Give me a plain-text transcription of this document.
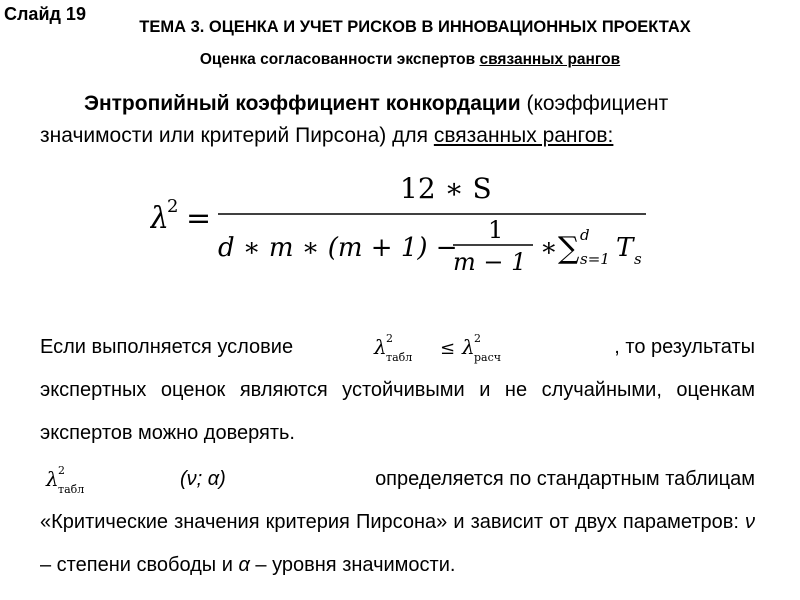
Слайд 19
ТЕМА 3. ОЦЕНКА И УЧЕТ РИСКОВ В ИННОВАЦИОННЫХ ПРОЕКТАХ
Оценка согласованности экспертов связанных рангов
Энтропийный коэффициент конкордации (коэффициент значимости или критерий Пирсона) для связанных рангов:
λ
2 =
12 ∗ S
d ∗ m ∗ (m + 1) −
1
m − 1 ∗ ∑ d
s=1 T s
Если выполняется условие	λ 2
табл ≤ λ 2
расч	, то результаты
экспертных оценок являются устойчивыми и не случайными, оценкам экспертов можно доверять.
λ 2
табл	(ν; α)	определяется по стандартным таблицам
«Критические значения критерия Пирсона» и зависит от двух параметров: ν – степени свободы и α – уровня значимости.
